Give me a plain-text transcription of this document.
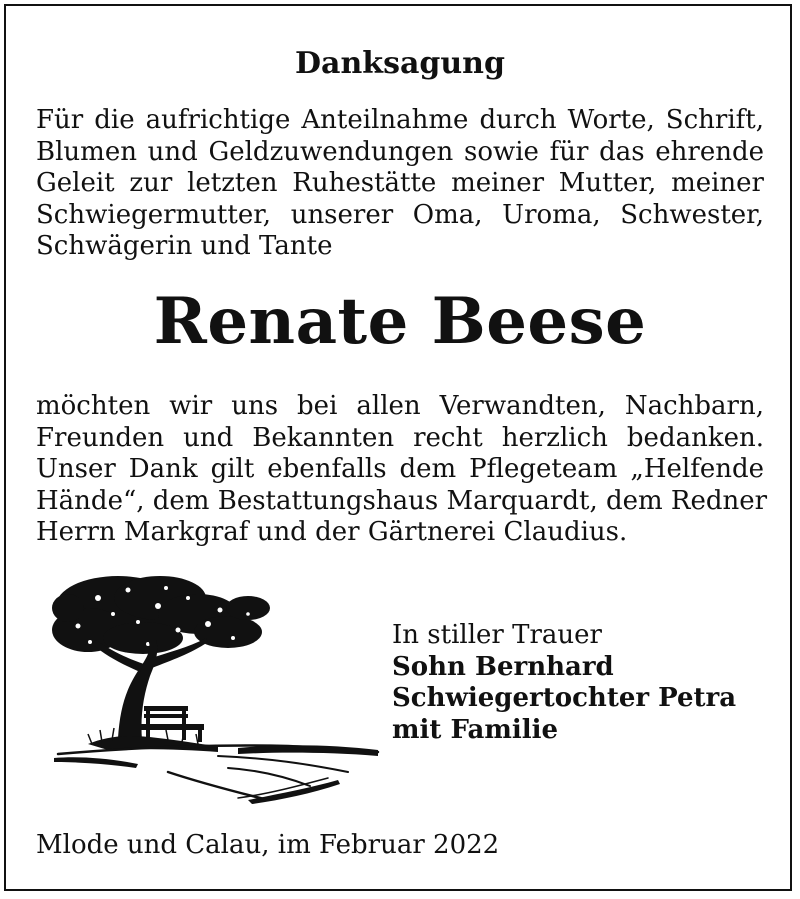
Danksagung

Für die aufrichtige Anteilnahme durch Worte, Schrift,
Blumen und Geldzuwendungen sowie für das ehrende
Geleit zur letzten Ruhestätte meiner Mutter, meiner
Schwiegermutter, unserer Oma, Uroma, Schwester,
Schwägerin und Tante

Renate Beese

möchten wir uns bei allen Verwandten, Nachbarn,
Freunden und Bekannten recht herzlich bedanken.
Unser Dank gilt ebenfalls dem Pflegeteam „Helfende
Hände“, dem Bestattungshaus Marquardt, dem Redner
Herrn Markgraf und der Gärtnerei Claudius.

In stiller Trauer
Sohn Bernhard
Schwiegertochter Petra
mit Familie
Mlode und Calau, im Februar 2022
